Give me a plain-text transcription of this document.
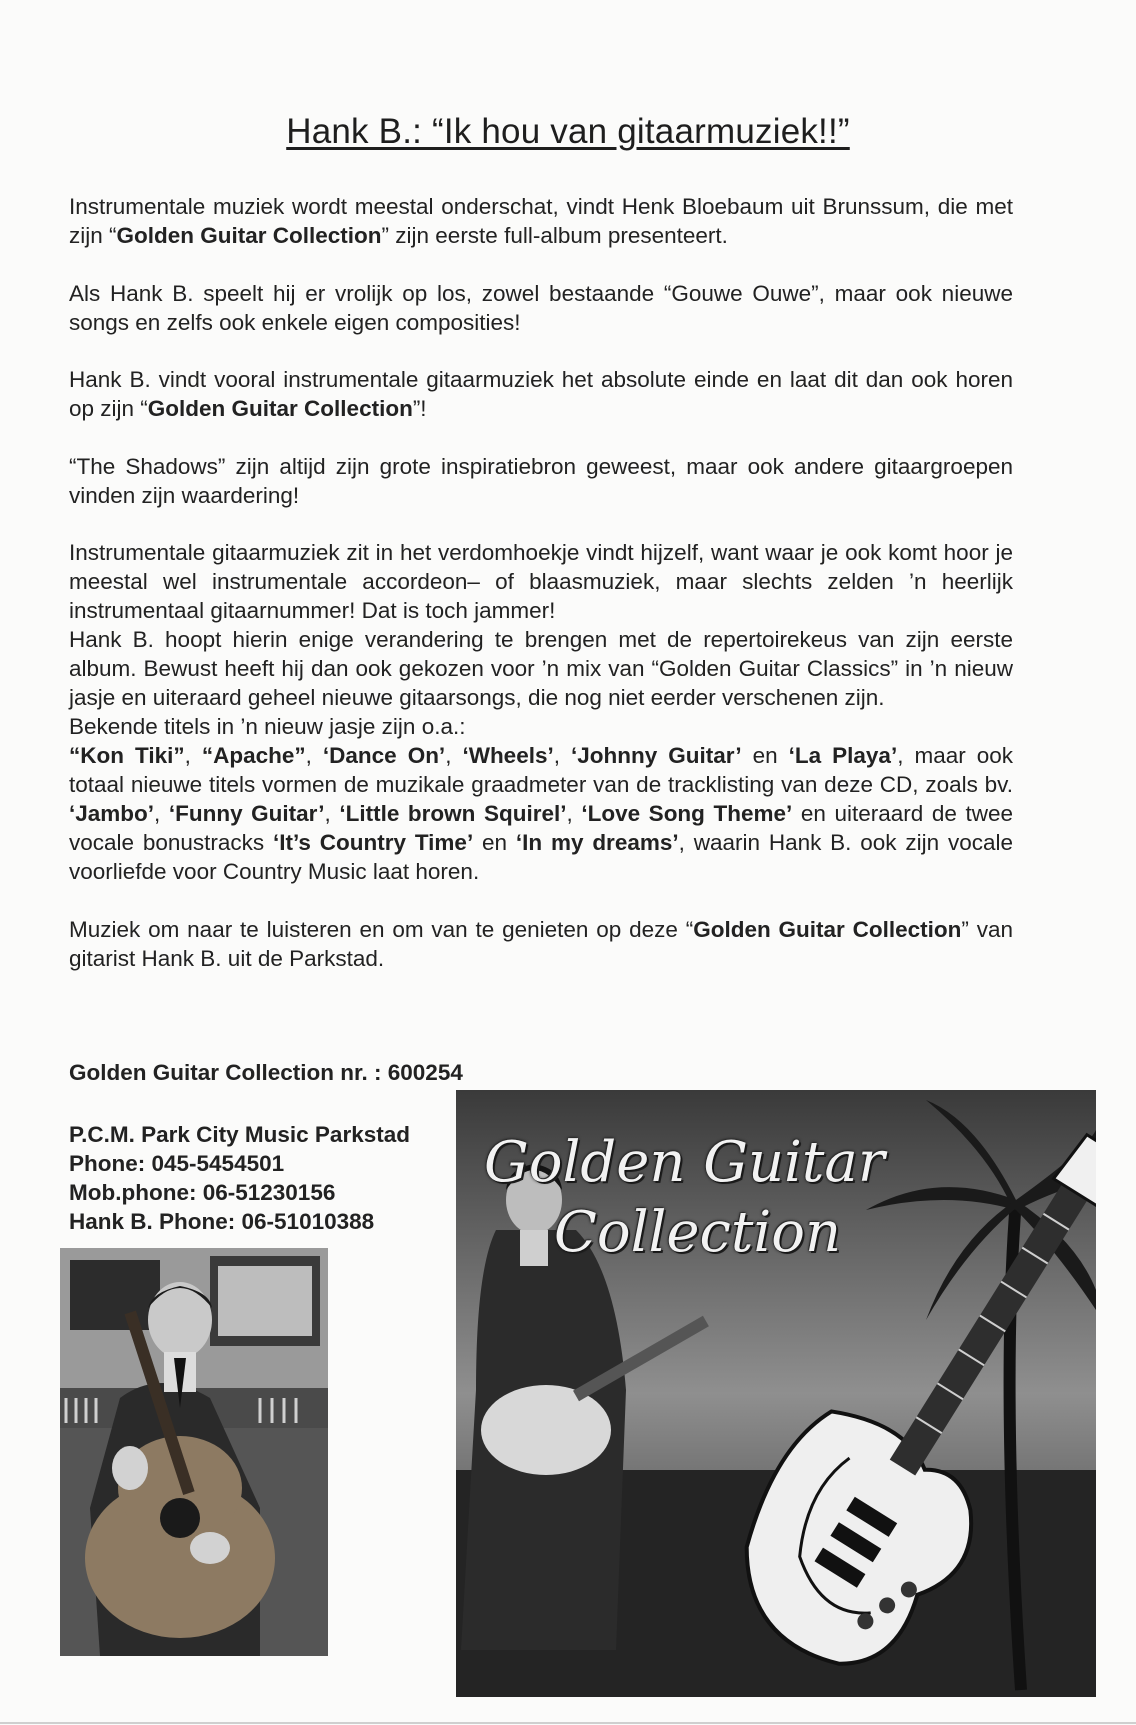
Hank B.: “Ik hou van gitaarmuziek!!”

Instrumentale muziek wordt meestal onderschat, vindt Henk Bloebaum uit Brunssum, die met zijn “Golden Guitar Collection” zijn eerste full-album presenteert.

Als Hank B. speelt hij er vrolijk op los, zowel bestaande “Gouwe Ouwe”, maar ook nieuwe songs en zelfs ook enkele eigen composities!

Hank B. vindt vooral instrumentale gitaarmuziek het absolute einde en laat dit dan ook horen op zijn “Golden Guitar Collection”!

“The Shadows” zijn altijd zijn grote inspiratiebron geweest, maar ook andere gitaargroepen vinden zijn waardering!

Instrumentale gitaarmuziek zit in het verdomhoekje vindt hijzelf, want waar je ook komt hoor je meestal wel instrumentale accordeon– of blaasmuziek, maar slechts zelden ’n heerlijk instrumentaal gitaarnummer! Dat is toch jammer!

Hank B. hoopt hierin enige verandering te brengen met de repertoirekeus van zijn eerste album. Bewust heeft hij dan ook gekozen voor ’n mix van “Golden Guitar Classics” in ’n nieuw jasje en uiteraard geheel nieuwe gitaarsongs, die nog niet eerder verschenen zijn.

Bekende titels in ’n nieuw jasje zijn o.a.:

“Kon Tiki”, “Apache”, ‘Dance On’, ‘Wheels’, ‘Johnny Guitar’ en ‘La Playa’, maar ook totaal nieuwe titels vormen de muzikale graadmeter van de tracklisting van deze CD, zoals bv. ‘Jambo’, ‘Funny Guitar’, ‘Little brown Squirel’, ‘Love Song Theme’ en uiteraard de twee vocale bonustracks ‘It’s Country Time’ en ‘In my dreams’, waarin Hank B. ook zijn vocale voorliefde voor Country Music laat horen.

Muziek om naar te luisteren en om van te genieten op deze “Golden Guitar Collection” van gitarist Hank B. uit de Parkstad.

Golden Guitar Collection nr. : 600254
P.C.M. Park City Music Parkstad
Phone: 045-5454501
Mob.phone: 06-51230156
Hank B. Phone: 06-51010388
Golden Guitar
Collection
